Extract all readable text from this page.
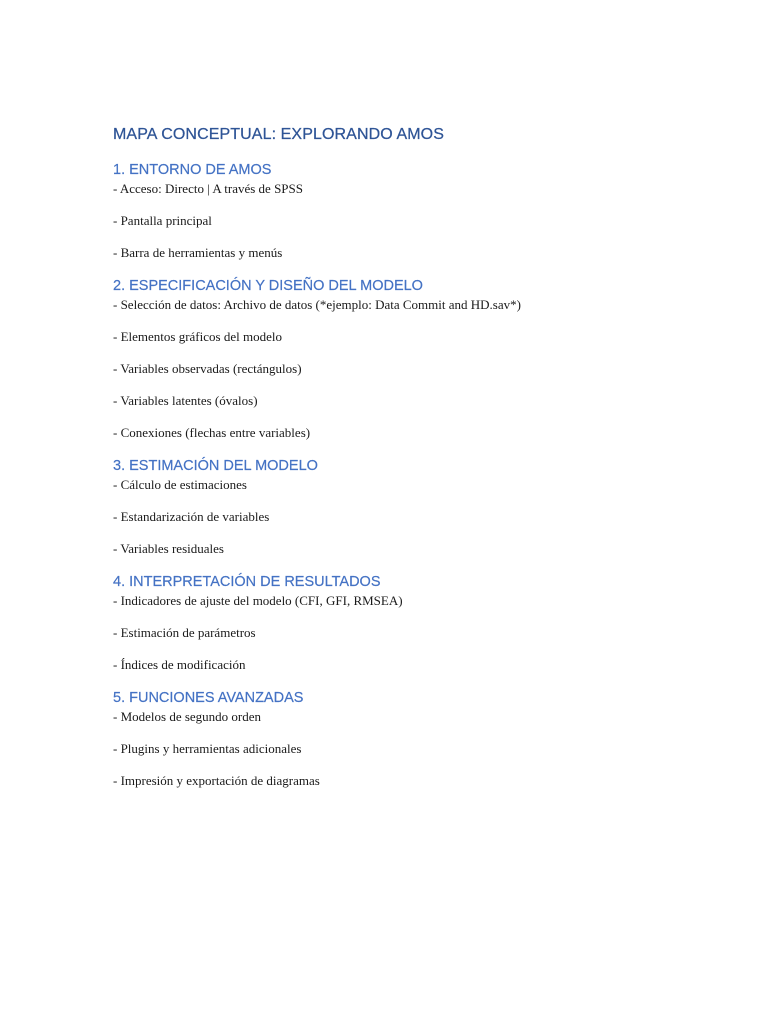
MAPA CONCEPTUAL: EXPLORANDO AMOS
1. ENTORNO DE AMOS

- Acceso: Directo | A través de SPSS

- Pantalla principal

- Barra de herramientas y menús

2. ESPECIFICACIÓN Y DISEÑO DEL MODELO

- Selección de datos: Archivo de datos (*ejemplo: Data Commit and HD.sav*)

- Elementos gráficos del modelo

- Variables observadas (rectángulos)

- Variables latentes (óvalos)

- Conexiones (flechas entre variables)

3. ESTIMACIÓN DEL MODELO

- Cálculo de estimaciones

- Estandarización de variables

- Variables residuales

4. INTERPRETACIÓN DE RESULTADOS

- Indicadores de ajuste del modelo (CFI, GFI, RMSEA)

- Estimación de parámetros

- Índices de modificación

5. FUNCIONES AVANZADAS

- Modelos de segundo orden

- Plugins y herramientas adicionales

- Impresión y exportación de diagramas
